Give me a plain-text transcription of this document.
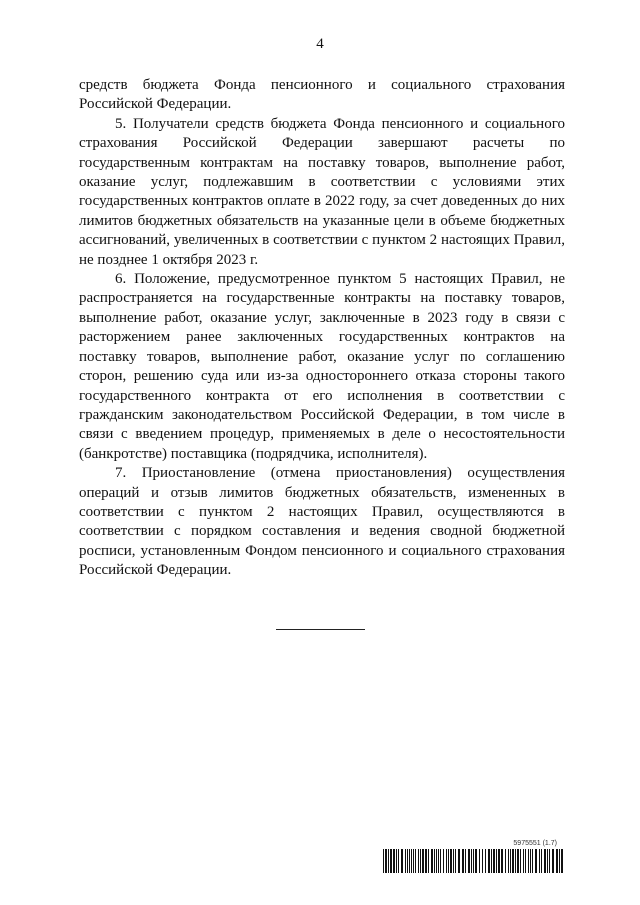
4

средств бюджета Фонда пенсионного и социального страхования Российской Федерации.

5. Получатели средств бюджета Фонда пенсионного и социального страхования Российской Федерации завершают расчеты по государственным контрактам на поставку товаров, выполнение работ, оказание услуг, подлежавшим в соответствии с условиями этих государственных контрактов оплате в 2022 году, за счет доведенных до них лимитов бюджетных обязательств на указанные цели в объеме бюджетных ассигнований, увеличенных в соответствии с пунктом 2 настоящих Правил, не позднее 1 октября 2023 г.

6. Положение, предусмотренное пунктом 5 настоящих Правил, не распространяется на государственные контракты на поставку товаров, выполнение работ, оказание услуг, заключенные в 2023 году в связи с расторжением ранее заключенных государственных контрактов на поставку товаров, выполнение работ, оказание услуг по соглашению сторон, решению суда или из-за одностороннего отказа стороны такого государственного контракта от его исполнения в соответствии с гражданским законодательством Российской Федерации, в том числе в связи с введением процедур, применяемых в деле о несостоятельности (банкротстве) поставщика (подрядчика, исполнителя).

7. Приостановление (отмена приостановления) осуществления операций и отзыв лимитов бюджетных обязательств, измененных в соответствии с пунктом 2 настоящих Правил, осуществляются в соответствии с порядком составления и ведения сводной бюджетной росписи, установленным Фондом пенсионного и социального страхования Российской Федерации.

5975551 (1.7)
